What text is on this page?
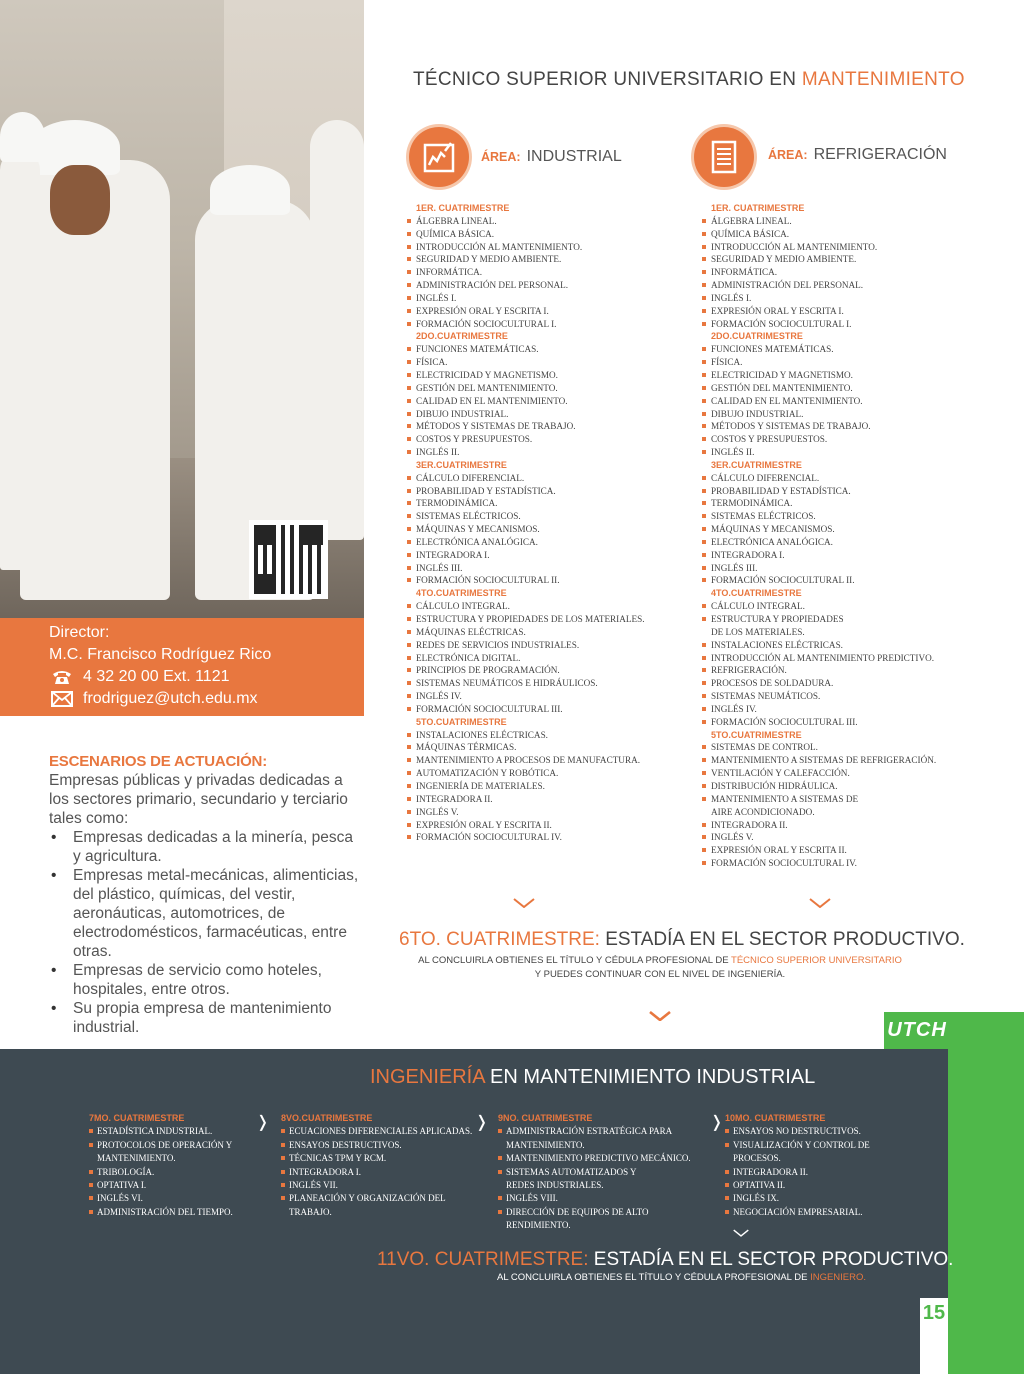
Director:
M.C. Francisco Rodríguez Rico
4 32 20 00 Ext. 1121
frodriguez@utch.edu.mx
ESCENARIOS DE ACTUACIÓN:
Empresas públicas y privadas dedicadas a los sectores primario, secundario y terciario tales como:
• Empresas dedicadas a la minería, pesca y agricultura.
• Empresas metal-mecánicas, alimenticias, del plástico, químicas, del vestir, aeronáuticas, automotrices, de electrodomésticos, farmacéuticas, entre otras.
• Empresas de servicio como hoteles, hospitales, entre otros.
• Su propia empresa de mantenimiento industrial.
TÉCNICO SUPERIOR UNIVERSITARIO EN MANTENIMIENTO
ÁREA: INDUSTRIAL	ÁREA: REFRIGERACIÓN
1ER. CUATRIMESTRE
ÁLGEBRA LINEAL.
QUÍMICA BÁSICA.
INTRODUCCIÓN AL MANTENIMIENTO.
SEGURIDAD Y MEDIO AMBIENTE.
INFORMÁTICA.
ADMINISTRACIÓN DEL PERSONAL.
INGLÉS I.
EXPRESIÓN ORAL Y ESCRITA I.
FORMACIÓN SOCIOCULTURAL I.
2DO.CUATRIMESTRE
FUNCIONES MATEMÁTICAS.
FÍSICA.
ELECTRICIDAD Y MAGNETISMO.
GESTIÓN DEL MANTENIMIENTO.
CALIDAD EN EL MANTENIMIENTO.
DIBUJO INDUSTRIAL.
MÉTODOS Y SISTEMAS DE TRABAJO.
COSTOS Y PRESUPUESTOS.
INGLÉS II.
3ER.CUATRIMESTRE
CÁLCULO DIFERENCIAL.
PROBABILIDAD Y ESTADÍSTICA.
TERMODINÁMICA.
SISTEMAS ELÉCTRICOS.
MÁQUINAS Y MECANISMOS.
ELECTRÓNICA ANALÓGICA.
INTEGRADORA I.
INGLÉS III.
FORMACIÓN SOCIOCULTURAL II.
4TO.CUATRIMESTRE
CÁLCULO INTEGRAL.
ESTRUCTURA Y PROPIEDADES DE LOS MATERIALES.
MÁQUINAS ELÉCTRICAS.
REDES DE SERVICIOS INDUSTRIALES.
ELECTRÓNICA DIGITAL.
PRINCIPIOS DE PROGRAMACIÓN.
SISTEMAS NEUMÁTICOS E HIDRÁULICOS.
INGLÉS IV.
FORMACIÓN SOCIOCULTURAL III.
5TO.CUATRIMESTRE
INSTALACIONES ELÉCTRICAS.
MÁQUINAS TÉRMICAS.
MANTENIMIENTO A PROCESOS DE MANUFACTURA.
AUTOMATIZACIÓN Y ROBÓTICA.
INGENIERÍA DE MATERIALES.
INTEGRADORA II.
INGLÉS V.
EXPRESIÓN ORAL Y ESCRITA II.
FORMACIÓN SOCIOCULTURAL IV.
1ER. CUATRIMESTRE
ÁLGEBRA LINEAL.
QUÍMICA BÁSICA.
INTRODUCCIÓN AL MANTENIMIENTO.
SEGURIDAD Y MEDIO AMBIENTE.
INFORMÁTICA.
ADMINISTRACIÓN DEL PERSONAL.
INGLÉS I.
EXPRESIÓN ORAL Y ESCRITA I.
FORMACIÓN SOCIOCULTURAL I.
2DO.CUATRIMESTRE
FUNCIONES MATEMÁTICAS.
FÍSICA.
ELECTRICIDAD Y MAGNETISMO.
GESTIÓN DEL MANTENIMIENTO.
CALIDAD EN EL MANTENIMIENTO.
DIBUJO INDUSTRIAL.
MÉTODOS Y SISTEMAS DE TRABAJO.
COSTOS Y PRESUPUESTOS.
INGLÉS II.
3ER.CUATRIMESTRE
CÁLCULO DIFERENCIAL.
PROBABILIDAD Y ESTADÍSTICA.
TERMODINÁMICA.
SISTEMAS ELÉCTRICOS.
MÁQUINAS Y MECANISMOS.
ELECTRÓNICA ANALÓGICA.
INTEGRADORA I.
INGLÉS III.
FORMACIÓN SOCIOCULTURAL II.
4TO.CUATRIMESTRE
CÁLCULO INTEGRAL.
ESTRUCTURA Y PROPIEDADES
DE LOS MATERIALES.
INSTALACIONES ELÉCTRICAS.
INTRODUCCIÓN AL MANTENIMIENTO PREDICTIVO.
REFRIGERACIÓN.
PROCESOS DE SOLDADURA.
SISTEMAS NEUMÁTICOS.
INGLÉS IV.
FORMACIÓN SOCIOCULTURAL III.
5TO.CUATRIMESTRE
SISTEMAS DE CONTROL.
MANTENIMIENTO A SISTEMAS DE REFRIGERACIÓN.
VENTILACIÓN Y CALEFACCIÓN.
DISTRIBUCIÓN HIDRÁULICA.
MANTENIMIENTO A SISTEMAS DE
AIRE ACONDICIONADO.
INTEGRADORA II.
INGLÉS V.
EXPRESIÓN ORAL Y ESCRITA II.
FORMACIÓN SOCIOCULTURAL IV.
6TO. CUATRIMESTRE: ESTADÍA EN EL SECTOR PRODUCTIVO.
AL CONCLUIRLA OBTIENES EL TÍTULO Y CÉDULA PROFESIONAL DE TÉCNICO SUPERIOR UNIVERSITARIO
Y PUEDES CONTINUAR CON EL NIVEL DE INGENIERÍA.
UTCH
INGENIERÍA EN MANTENIMIENTO INDUSTRIAL
7MO. CUATRIMESTRE
ESTADÍSTICA INDUSTRIAL.
PROTOCOLOS DE OPERACIÓN Y
MANTENIMIENTO.
TRIBOLOGÍA.
OPTATIVA I.
INGLÉS VI.
ADMINISTRACIÓN DEL TIEMPO.
8VO.CUATRIMESTRE
ECUACIONES DIFERENCIALES APLICADAS.
ENSAYOS DESTRUCTIVOS.
TÉCNICAS TPM Y RCM.
INTEGRADORA I.
INGLÉS VII.
PLANEACIÓN Y ORGANIZACIÓN DEL
TRABAJO.
9NO. CUATRIMESTRE
ADMINISTRACIÓN ESTRATÉGICA PARA
MANTENIMIENTO.
MANTENIMIENTO PREDICTIVO MECÁNICO.
SISTEMAS AUTOMATIZADOS Y
REDES INDUSTRIALES.
INGLÉS VIII.
DIRECCIÓN DE EQUIPOS DE ALTO
RENDIMIENTO.
10MO. CUATRIMESTRE
ENSAYOS NO DESTRUCTIVOS.
VISUALIZACIÓN Y CONTROL DE
PROCESOS.
INTEGRADORA II.
OPTATIVA II.
INGLÉS IX.
NEGOCIACIÓN EMPRESARIAL.
❭	❭	❭
11VO. CUATRIMESTRE: ESTADÍA EN EL SECTOR PRODUCTIVO.
AL CONCLUIRLA OBTIENES EL TÍTULO Y CÉDULA PROFESIONAL DE INGENIERO.
15
